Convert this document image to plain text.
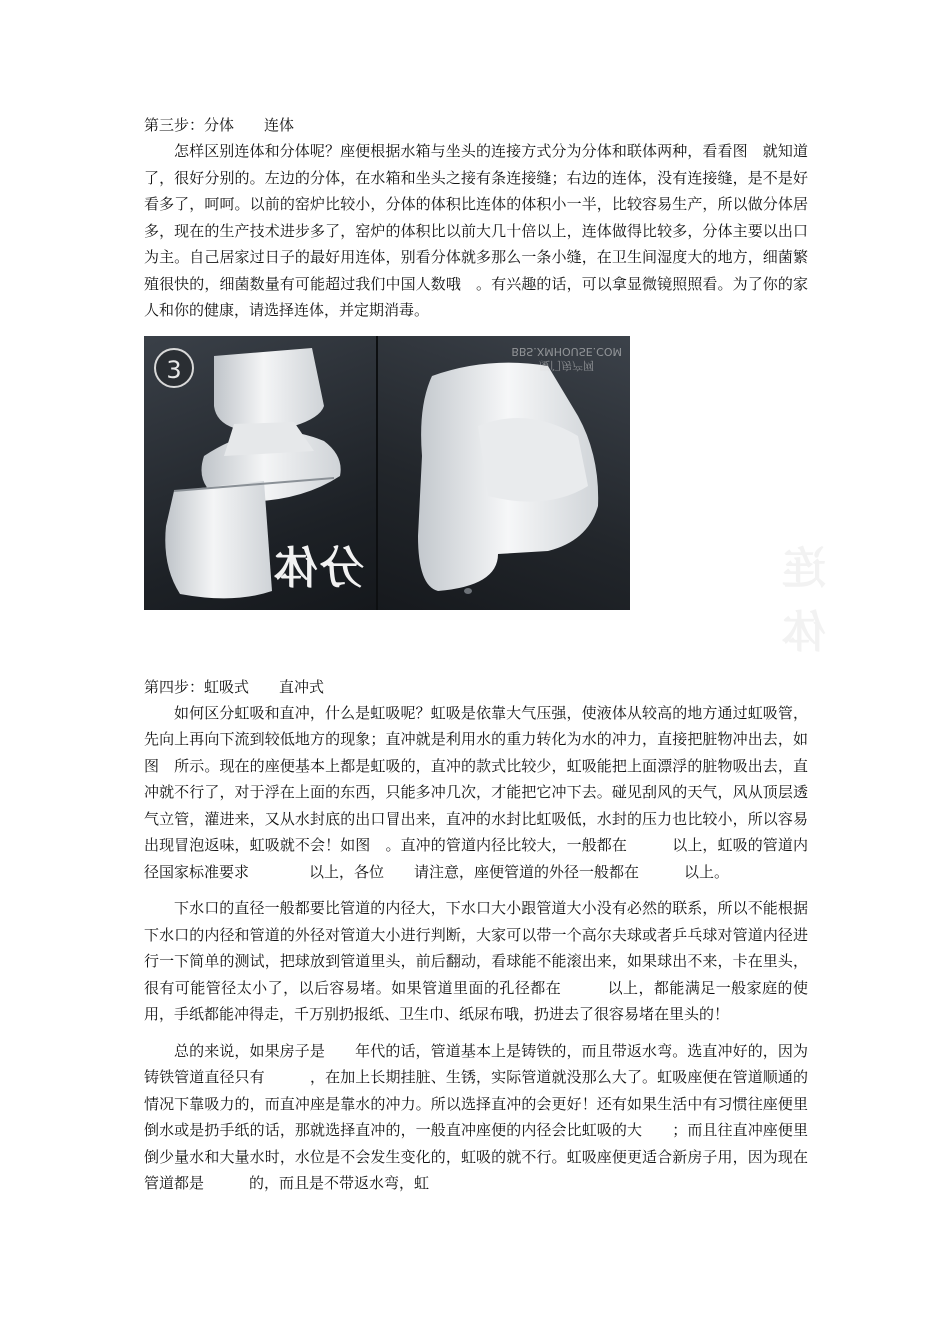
第三步：分体　　连体

怎样区别连体和分体呢？座便根据水箱与坐头的连接方式分为分体和联体两种，看看图　就知道了，很好分别的。左边的分体，在水箱和坐头之接有条连接缝；右边的连体，没有连接缝，是不是好看多了，呵呵。以前的窑炉比较小，分体的体积比连体的体积小一半，比较容易生产，所以做分体居多，现在的生产技术进步多了，窑炉的体积比以前大几十倍以上，连体做得比较多，分体主要以出口为主。自己居家过日子的最好用连体，别看分体就多那么一条小缝，在卫生间湿度大的地方，细菌繁殖很快的，细菌数量有可能超过我们中国人数哦　。有兴趣的话，可以拿显微镜照照看。为了你的家人和你的健康，请选择连体，并定期消毒。

3
分体
厦门房产网
BBS.XMHOUSE.COM
连体
第四步：虹吸式　　直冲式

如何区分虹吸和直冲，什么是虹吸呢？虹吸是依靠大气压强，使液体从较高的地方通过虹吸管，先向上再向下流到较低地方的现象；直冲就是利用水的重力转化为水的冲力，直接把脏物冲出去，如图　所示。现在的座便基本上都是虹吸的，直冲的款式比较少，虹吸能把上面漂浮的脏物吸出去，直冲就不行了，对于浮在上面的东西，只能多冲几次，才能把它冲下去。碰见刮风的天气，风从顶层透气立管，灌进来，又从水封底的出口冒出来，直冲的水封比虹吸低，水封的压力也比较小，所以容易出现冒泡返味，虹吸就不会！如图　。直冲的管道内径比较大，一般都在　　　以上，虹吸的管道内径国家标准要求　　　　以上，各位　　请注意，座便管道的外径一般都在　　　以上。

下水口的直径一般都要比管道的内径大，下水口大小跟管道大小没有必然的联系，所以不能根据下水口的内径和管道的外径对管道大小进行判断，大家可以带一个高尔夫球或者乒乓球对管道内径进行一下简单的测试，把球放到管道里头，前后翻动，看球能不能滚出来，如果球出不来，卡在里头，很有可能管径太小了，以后容易堵。如果管道里面的孔径都在　　　以上，都能满足一般家庭的使用，手纸都能冲得走，千万别扔报纸、卫生巾、纸尿布哦，扔进去了很容易堵在里头的！

总的来说，如果房子是　　年代的话，管道基本上是铸铁的，而且带返水弯。选直冲好的，因为铸铁管道直径只有　　　，在加上长期挂脏、生锈，实际管道就没那么大了。虹吸座便在管道顺通的情况下靠吸力的，而直冲座是靠水的冲力。所以选择直冲的会更好！还有如果生活中有习惯往座便里倒水或是扔手纸的话，那就选择直冲的，一般直冲座便的内径会比虹吸的大　　；而且往直冲座便里倒少量水和大量水时，水位是不会发生变化的，虹吸的就不行。虹吸座便更适合新房子用，因为现在管道都是　　　的，而且是不带返水弯，虹
